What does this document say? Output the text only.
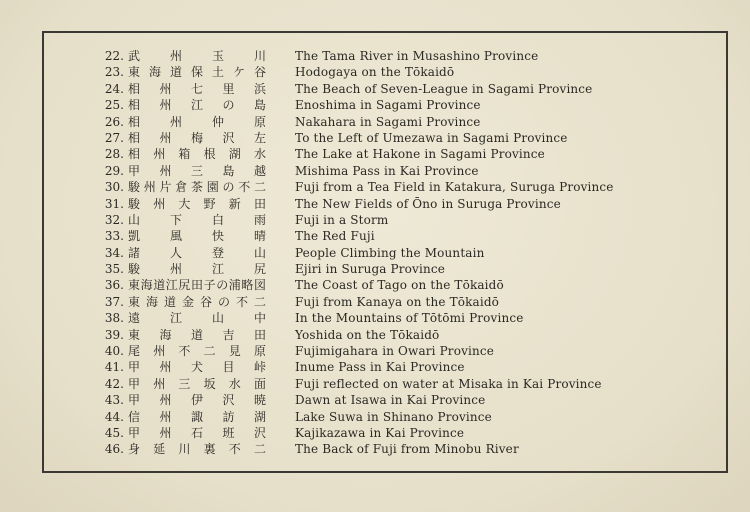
22. 武　州　玉　川 The Tama River in Musashino Province
23. 東海道保土ケ谷 Hodogaya on the Tōkaidō
24. 相　州　七　里　浜 The Beach of Seven-League in Sagami Province
25. 相　州　江　の　島 Enoshima in Sagami Province
26. 相　州　仲　原 Nakahara in Sagami Province
27. 相　州　梅　沢　左 To the Left of Umezawa in Sagami Province
28. 相州箱根湖水 The Lake at Hakone in Sagami Province
29. 甲　州　三　島　越 Mishima Pass in Kai Province
30. 駿州片倉茶園の不二 Fuji from a Tea Field in Katakura, Suruga Province
31. 駿州大野新田 The New Fields of Ōno in Suruga Province
32. 山　下　白　雨 Fuji in a Storm
33. 凱　風　快　晴 The Red Fuji
34. 諸　人　登　山 People Climbing the Mountain
35. 駿　州　江　尻 Ejiri in Suruga Province
36. 東海道江尻田子の浦略図 The Coast of Tago on the Tōkaidō
37. 東海道金谷の不二 Fuji from Kanaya on the Tōkaidō
38. 遠　江　山　中 In the Mountains of Tōtōmi Province
39. 東　海　道　吉　田 Yoshida on the Tōkaidō
40. 尾州不二見原 Fujimigahara in Owari Province
41. 甲　州　犬　目　峠 Inume Pass in Kai Province
42. 甲州三坂水面 Fuji reflected on water at Misaka in Kai Province
43. 甲　州　伊　沢　暁 Dawn at Isawa in Kai Province
44. 信　州　諏　訪　湖 Lake Suwa in Shinano Province
45. 甲　州　石　班　沢 Kajikazawa in Kai Province
46. 身延川裏不二 The Back of Fuji from Minobu River
